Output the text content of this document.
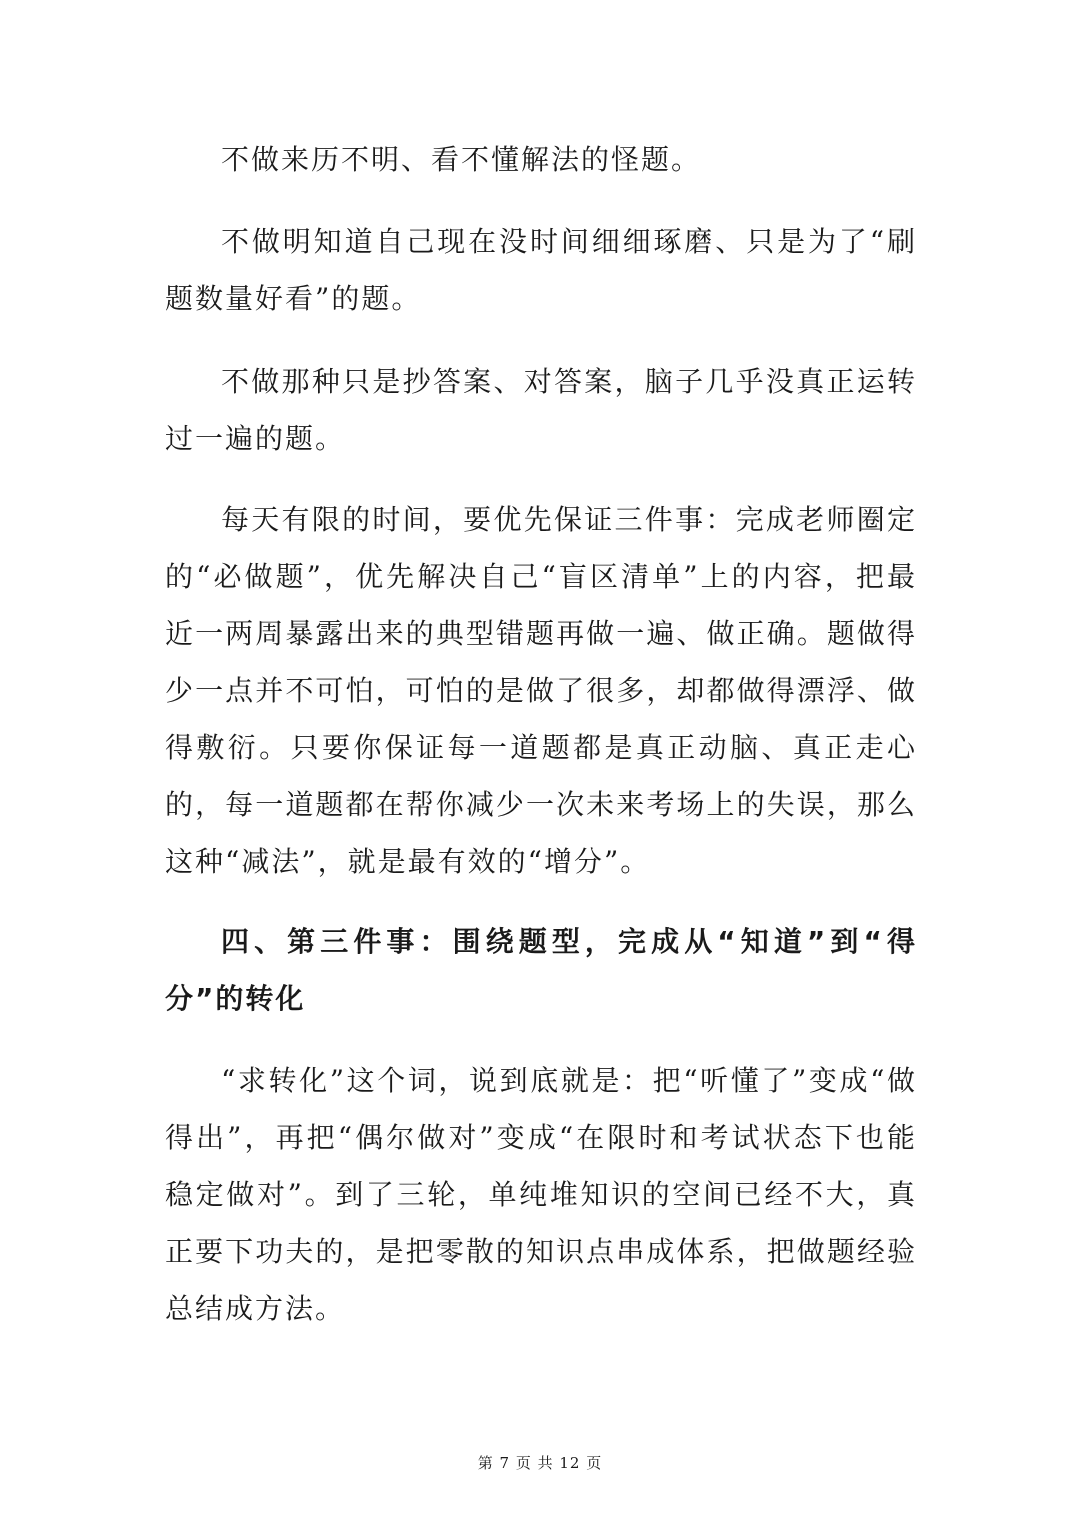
不做来历不明、看不懂解法的怪题。

不做明知道自己现在没时间细细琢磨、只是为了“刷题数量好看”的题。

不做那种只是抄答案、对答案，脑子几乎没真正运转过一遍的题。

每天有限的时间，要优先保证三件事：完成老师圈定的“必做题”，优先解决自己“盲区清单”上的内容，把最近一两周暴露出来的典型错题再做一遍、做正确。题做得少一点并不可怕，可怕的是做了很多，却都做得漂浮、做得敷衍。只要你保证每一道题都是真正动脑、真正走心的，每一道题都在帮你减少一次未来考场上的失误，那么这种“减法”，就是最有效的“增分”。

四、第三件事：围绕题型，完成从“知道”到“得分”的转化

“求转化”这个词，说到底就是：把“听懂了”变成“做得出”，再把“偶尔做对”变成“在限时和考试状态下也能稳定做对”。到了三轮，单纯堆知识的空间已经不大，真正要下功夫的，是把零散的知识点串成体系，把做题经验总结成方法。

第 7 页 共 12 页
